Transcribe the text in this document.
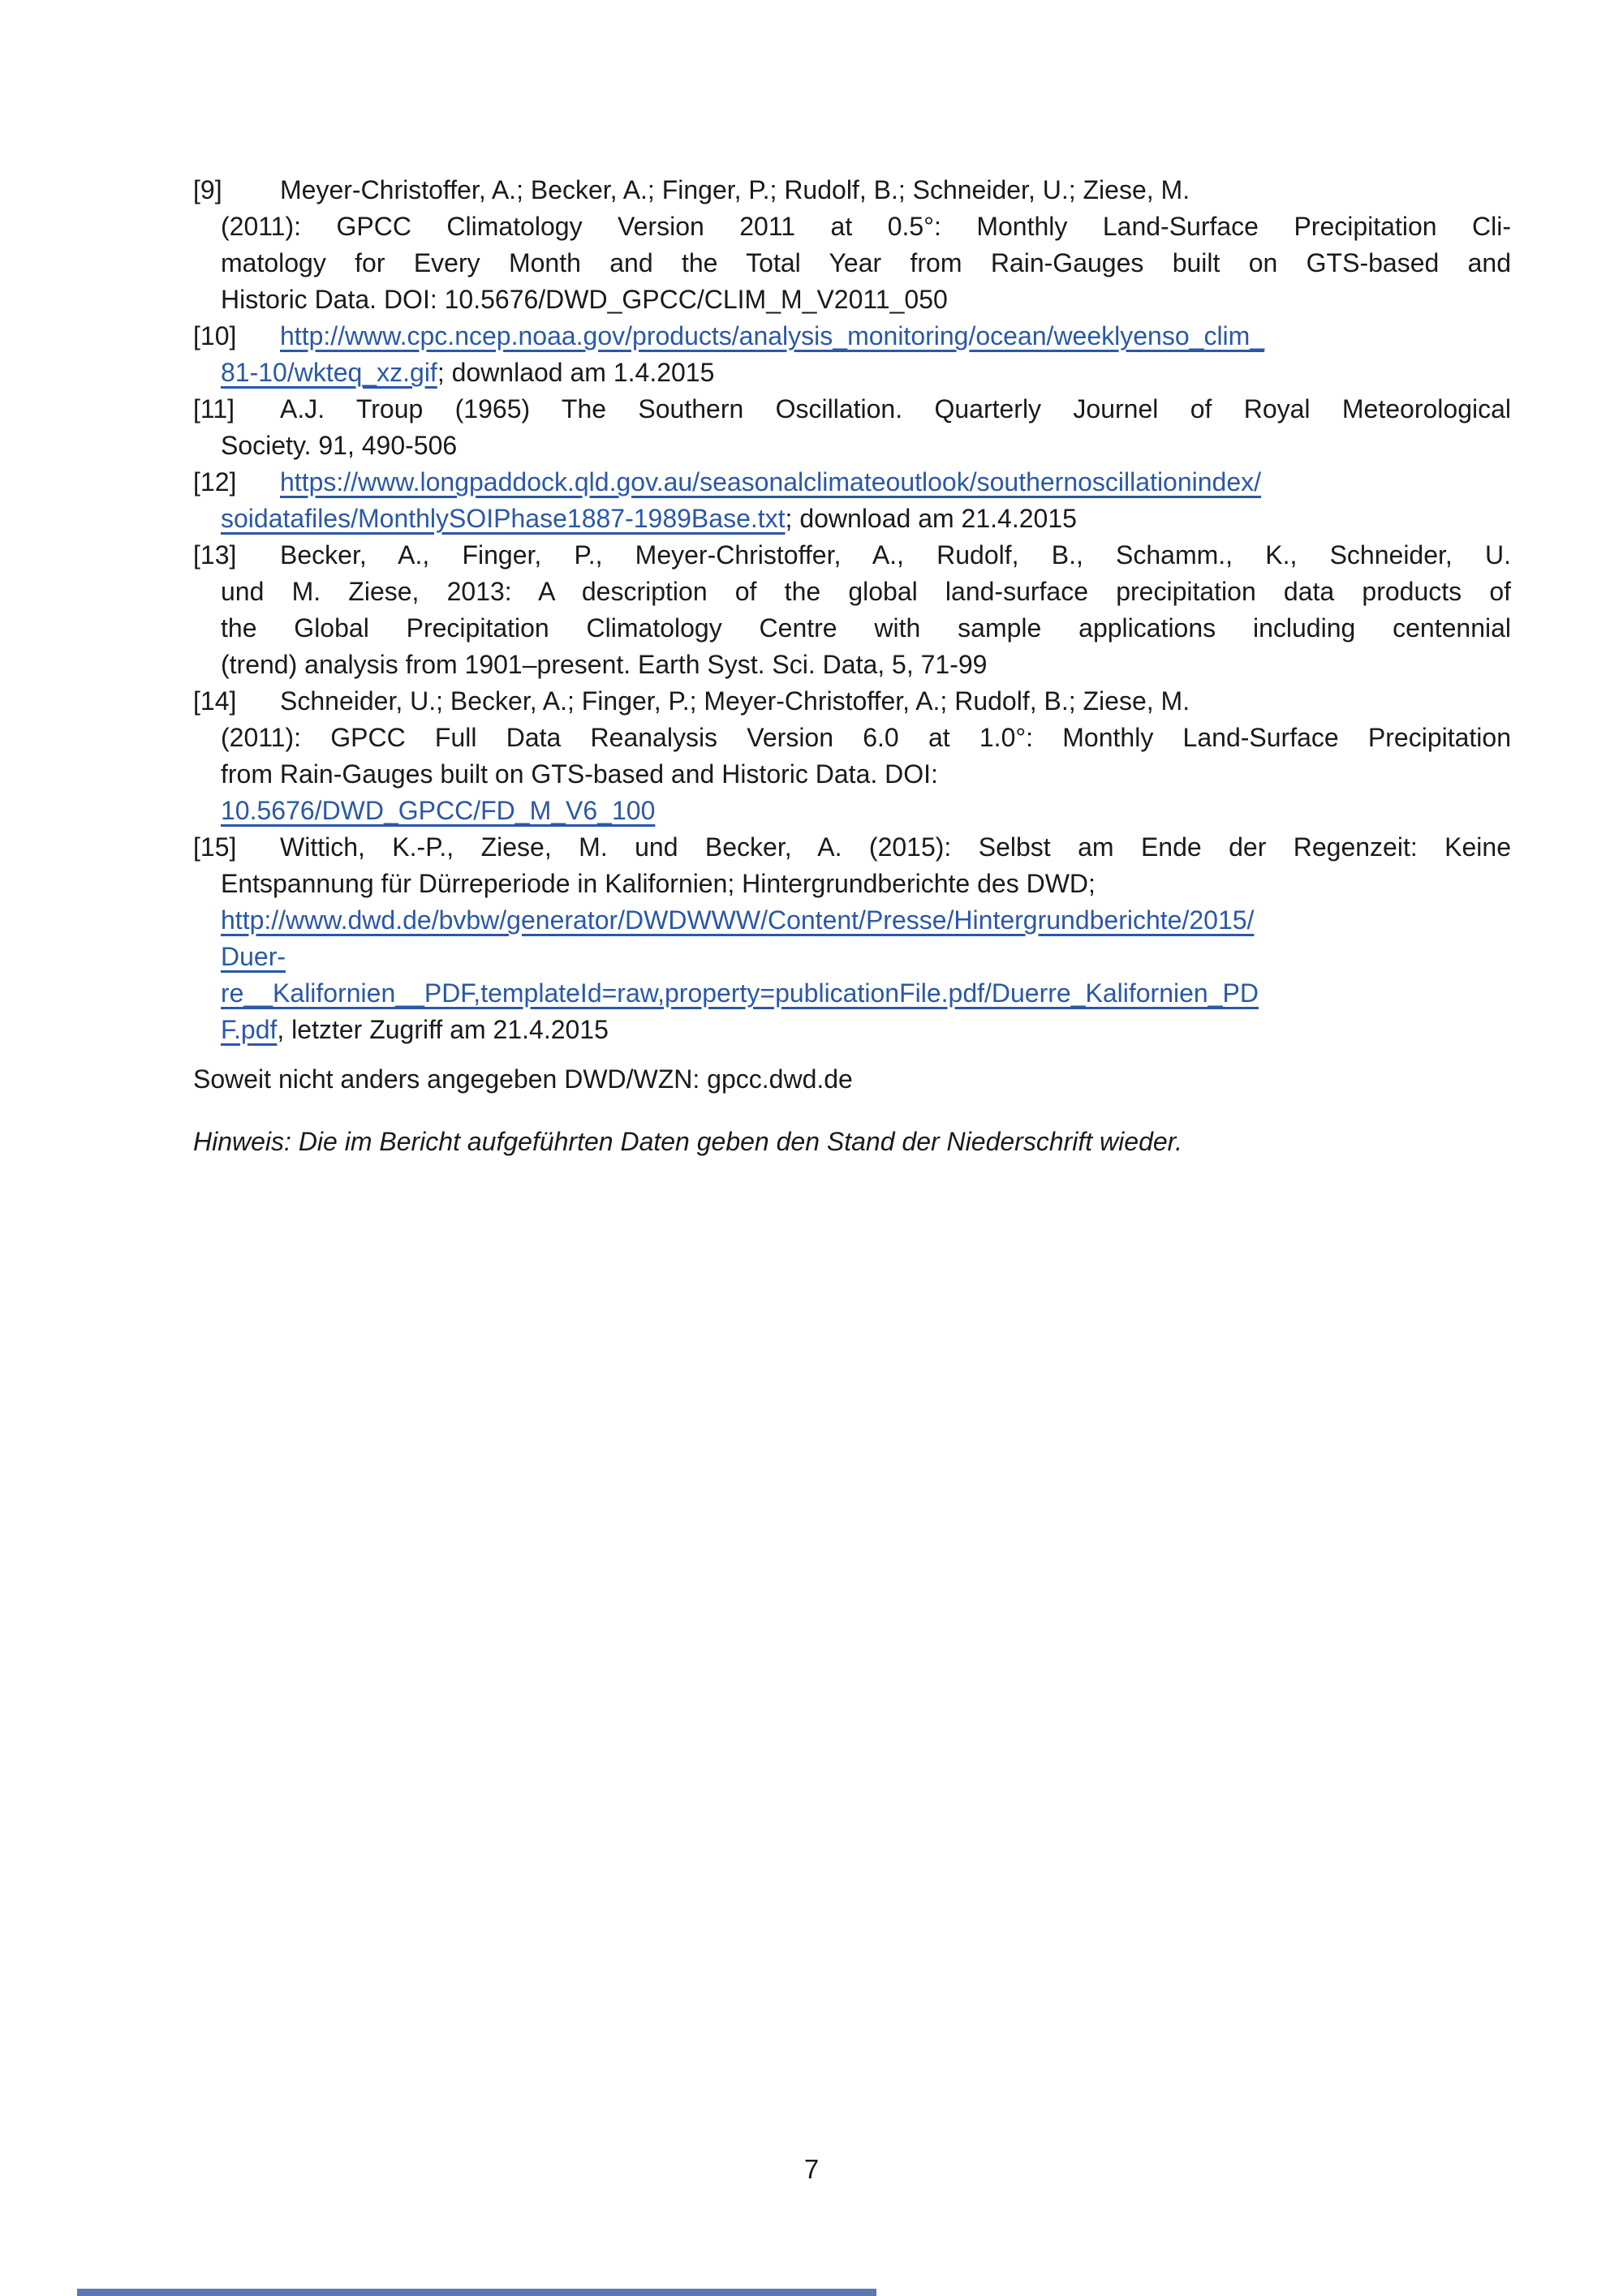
[9]	Meyer-Christoffer, A.; Becker, A.; Finger, P.; Rudolf, B.; Schneider, U.; Ziese, M.
(2011): GPCC Climatology Version 2011 at 0.5°: Monthly Land-Surface Precipitation Cli-
matology for Every Month and the Total Year from Rain-Gauges built on GTS-based and
Historic Data. DOI: 10.5676/DWD_GPCC/CLIM_M_V2011_050
[10]	http://www.cpc.ncep.noaa.gov/products/analysis_monitoring/ocean/weeklyenso_clim_
81-10/wkteq_xz.gif; downlaod am 1.4.2015
[11]	A.J. Troup (1965) The Southern Oscillation. Quarterly Journel of Royal Meteorological
Society. 91, 490-506
[12]	https://www.longpaddock.qld.gov.au/seasonalclimateoutlook/southernoscillationindex/
soidatafiles/MonthlySOIPhase1887-1989Base.txt; download am 21.4.2015
[13]	Becker, A., Finger, P., Meyer-Christoffer, A., Rudolf, B., Schamm., K., Schneider, U.
und M. Ziese, 2013: A description of the global land-surface precipitation data products of
the Global Precipitation Climatology Centre with sample applications including centennial
(trend) analysis from 1901–present. Earth Syst. Sci. Data, 5, 71-99
[14]	Schneider, U.; Becker, A.; Finger, P.; Meyer-Christoffer, A.; Rudolf, B.; Ziese, M.
(2011): GPCC Full Data Reanalysis Version 6.0 at 1.0°: Monthly Land-Surface Precipitation
from Rain-Gauges built on GTS-based and Historic Data. DOI:
10.5676/DWD_GPCC/FD_M_V6_100
[15]	Wittich, K.-P., Ziese, M. und Becker, A. (2015): Selbst am Ende der Regenzeit: Keine
Entspannung für Dürreperiode in Kalifornien; Hintergrundberichte des DWD;
http://www.dwd.de/bvbw/generator/DWDWWW/Content/Presse/Hintergrundberichte/2015/
Duer-
re__Kalifornien__PDF,templateId=raw,property=publicationFile.pdf/Duerre_Kalifornien_PD
F.pdf, letzter Zugriff am 21.4.2015
Soweit nicht anders angegeben DWD/WZN: gpcc.dwd.de
Hinweis: Die im Bericht aufgeführten Daten geben den Stand der Niederschrift wieder.
7
